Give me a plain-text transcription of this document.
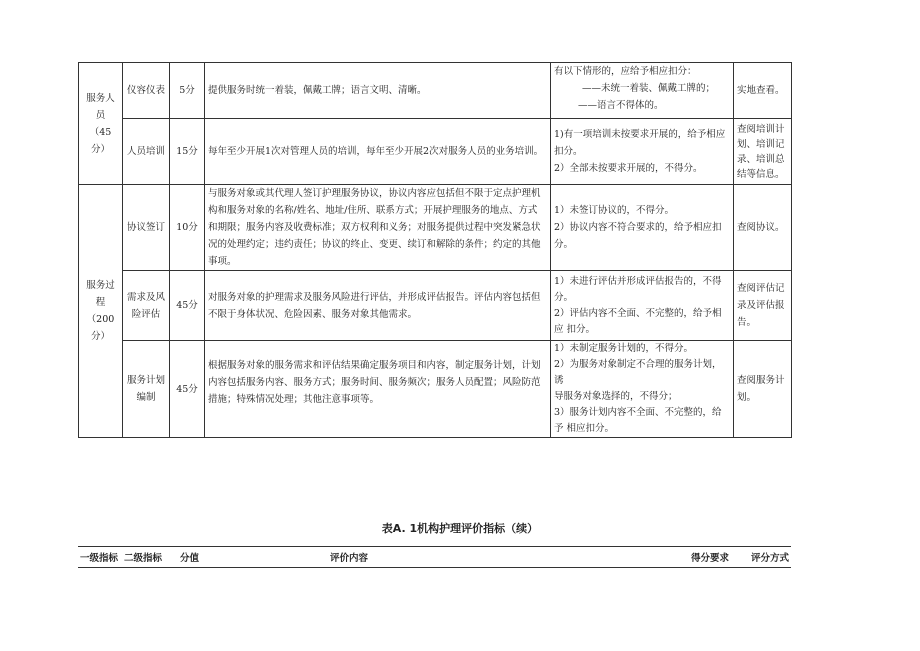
服务人员
（45 分）	仪容仪表	5分	提供服务时统一着装，佩戴工牌；语言文明、清晰。	有以下情形的，应给予相应扣分：
——未统一着装、佩戴工牌的；
——语言不得体的。	实地查看。

	人员培训	15分	每年至少开展1次对管理人员的培训，每年至少开展2次对服务人员的业务培训。	1)有一项培训未按要求开展的，给予相应
扣分。
2）全部未按要求开展的，不得分。	查阅培训计
划、培训记
录、培训总
结等信息。

服务过程
（200分）	协议签订	10分	与服务对象或其代理人签订护理服务协议，协议内容应包括但不限于定点护理机
构和服务对象的名称/姓名、地址/住所、联系方式；开展护理服务的地点、方式
和期限；服务内容及收费标准；双方权利和义务；对服务提供过程中突发紧急状
况的处理约定；违约责任；协议的终止、变更、续订和解除的条件；约定的其他
事项。	1）未签订协议的，不得分。
2）协议内容不符合要求的，给予相应扣
分。	查阅协议。

	需求及风
险评估	45分	对服务对象的护理需求及服务风险进行评估，并形成评估报告。评估内容包括但
不限于身体状况、危险因素、服务对象其他需求。	1）未进行评估并形成评估报告的，不得
分。
2）评估内容不全面、不完整的，给予相
应 扣分。	查阅评估记
录及评估报
告。

	服务计划
编制	45分	根据服务对象的服务需求和评估结果确定服务项目和内容，制定服务计划，计划
内容包括服务内容、服务方式；服务时间、服务频次；服务人员配置；风险防范
措施；特殊情况处理；其他注意事项等。	1）未制定服务计划的，不得分。
2）为服务对象制定不合理的服务计划，诱
导服务对象选择的，不得分；
3）服务计划内容不全面、不完整的，给
予 相应扣分。	查阅服务计
划。
表A. 1机构护理评价指标（续）
一级指标	二级指标	分值	评价内容	得分要求	评分方式
